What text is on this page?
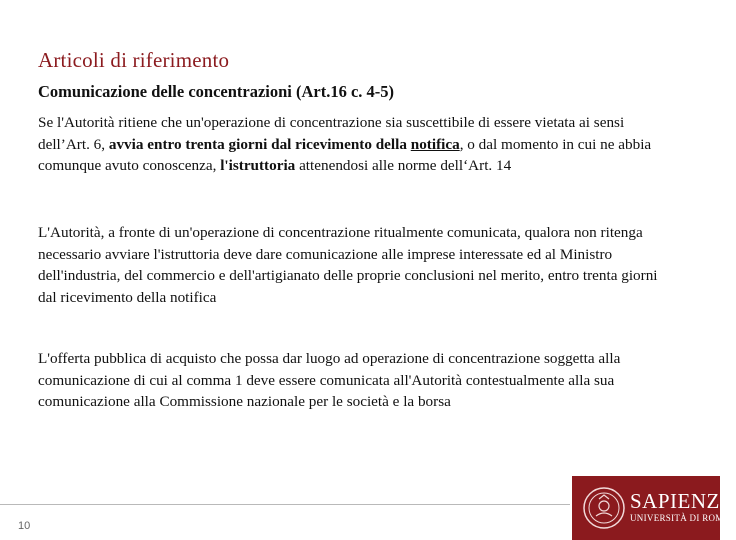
Articoli di riferimento
Comunicazione delle concentrazioni (Art.16 c. 4-5)
Se l'Autorità ritiene che un'operazione di concentrazione sia suscettibile di essere vietata ai sensi dell’Art. 6, avvia entro trenta giorni dal ricevimento della notifica, o dal momento in cui ne abbia comunque avuto conoscenza, l'istruttoria attenendosi alle norme dell‘Art. 14
L'Autorità, a fronte di un'operazione di concentrazione ritualmente comunicata, qualora non ritenga necessario avviare l'istruttoria deve dare comunicazione alle imprese interessate ed al Ministro dell'industria, del commercio e dell'artigianato delle proprie conclusioni nel merito, entro trenta giorni dal ricevimento della notifica
L'offerta pubblica di acquisto che possa dar luogo ad operazione di concentrazione soggetta alla comunicazione di cui al comma 1 deve essere comunicata all'Autorità contestualmente alla sua comunicazione alla Commissione nazionale per le società e la borsa
10
SAPIENZA
UNIVERSITÀ DI ROMA
